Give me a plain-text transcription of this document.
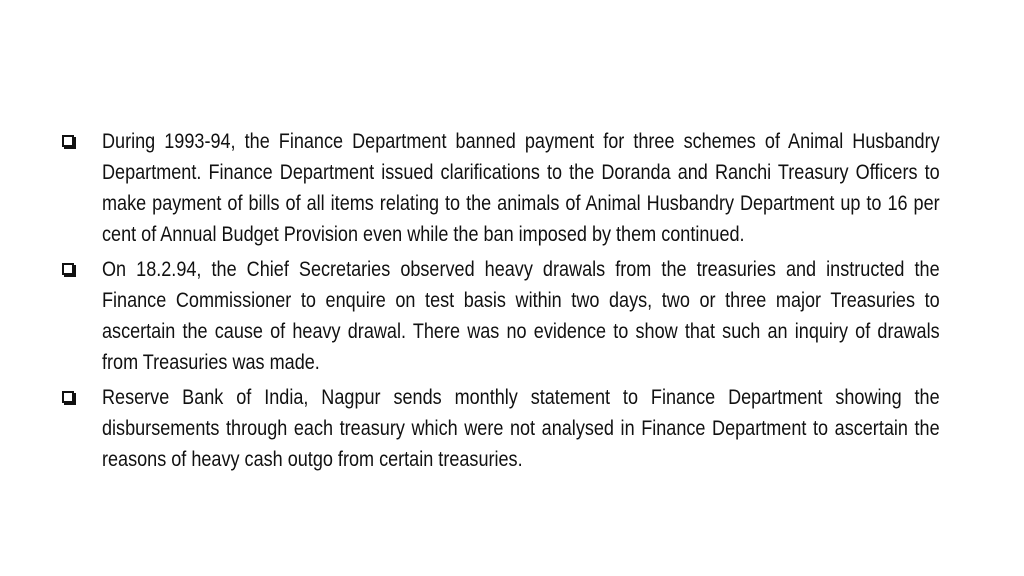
During 1993-94, the Finance Department banned payment for three schemes of Animal Husbandry Department. Finance Department issued clarifications to the Doranda and Ranchi Treasury Officers to make payment of bills of all items relating to the animals of Animal Husbandry Department up to 16 per cent of Annual Budget Provision even while the ban imposed by them continued.
On 18.2.94, the Chief Secretaries observed heavy drawals from the treasuries and instructed the Finance Commissioner to enquire on test basis within two days, two or three major Treasuries to ascertain the cause of heavy drawal. There was no evidence to show that such an inquiry of drawals from Treasuries was made.
Reserve Bank of India, Nagpur sends monthly statement to Finance Department showing the disbursements through each treasury which were not analysed in Finance Department to ascertain the reasons of heavy cash outgo from certain treasuries.
